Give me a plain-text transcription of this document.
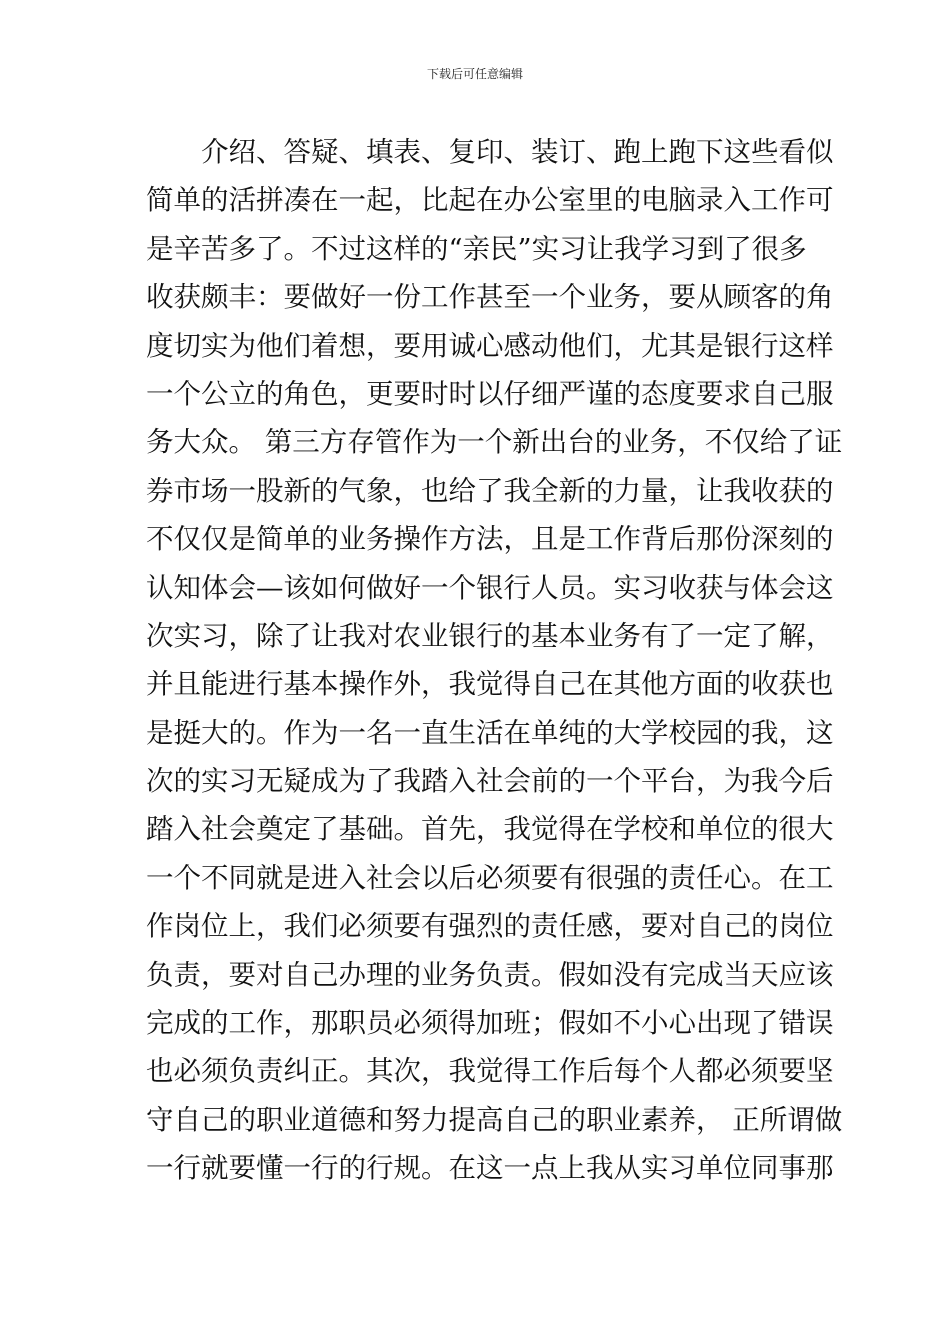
下载后可任意编辑
　　介绍、答疑、填表、复印、装订、跑上跑下这些看似
简单的活拼凑在一起，比起在办公室里的电脑录入工作可
是辛苦多了。不过这样的“亲民”实习让我学习到了很多
收获颇丰：要做好一份工作甚至一个业务，要从顾客的角
度切实为他们着想，要用诚心感动他们，尤其是银行这样
一个公立的角色，更要时时以仔细严谨的态度要求自己服
务大众。 第三方存管作为一个新出台的业务，不仅给了证
券市场一股新的气象，也给了我全新的力量，让我收获的
不仅仅是简单的业务操作方法，且是工作背后那份深刻的
认知体会—该如何做好一个银行人员。实习收获与体会这
次实习，除了让我对农业银行的基本业务有了一定了解，
并且能进行基本操作外，我觉得自己在其他方面的收获也
是挺大的。作为一名一直生活在单纯的大学校园的我，这
次的实习无疑成为了我踏入社会前的一个平台，为我今后
踏入社会奠定了基础。首先，我觉得在学校和单位的很大
一个不同就是进入社会以后必须要有很强的责任心。在工
作岗位上，我们必须要有强烈的责任感，要对自己的岗位
负责，要对自己办理的业务负责。假如没有完成当天应该
完成的工作，那职员必须得加班；假如不小心出现了错误
也必须负责纠正。其次，我觉得工作后每个人都必须要坚
守自己的职业道德和努力提高自己的职业素养， 正所谓做
一行就要懂一行的行规。在这一点上我从实习单位同事那
